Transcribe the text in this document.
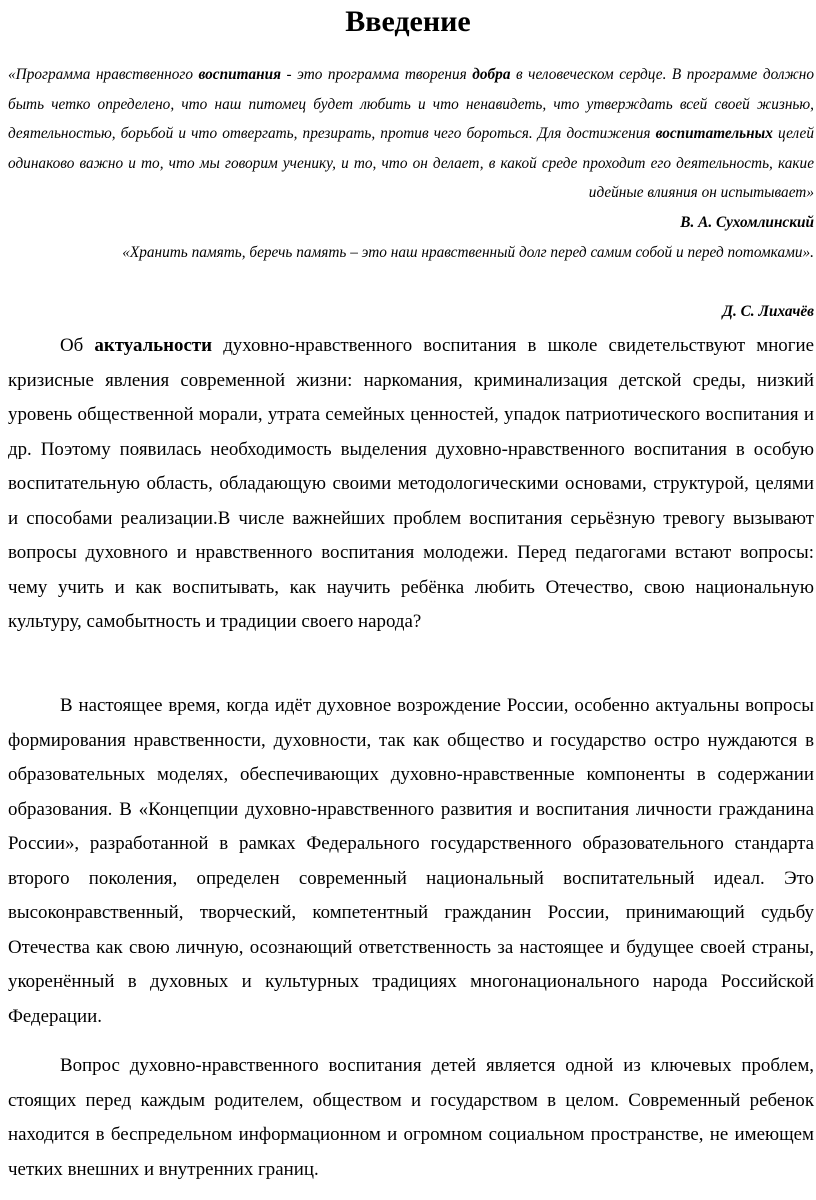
Введение

«Программа нравственного воспитания - это программа творения добра в человеческом сердце. В программе должно быть четко определено, что наш питомец будет любить и что ненавидеть, что утверждать всей своей жизнью, деятельностью, борьбой и что отвергать, презирать, против чего бороться. Для достижения воспитательных целей одинаково важно и то, что мы говорим ученику, и то, что он делает, в какой среде проходит его деятельность, какие идейные влияния он испытывает»

В. А. Сухомлинский

«Хранить память, беречь память – это наш нравственный долг перед самим собой и перед потомками».

Д. С. Лихачёв

Об актуальности духовно-нравственного воспитания в школе свидетельствуют многие кризисные явления современной жизни: наркомания, криминализация детской среды, низкий уровень общественной морали, утрата семейных ценностей, упадок патриотического воспитания и др. Поэтому появилась необходимость выделения духовно-нравственного воспитания в особую воспитательную область, обладающую своими методологическими основами, структурой, целями и способами реализации.В числе важнейших проблем воспитания серьёзную тревогу вызывают вопросы духовного и нравственного воспитания молодежи. Перед педагогами встают вопросы: чему учить и как воспитывать, как научить ребёнка любить Отечество, свою национальную культуру, самобытность и традиции своего народа?

В настоящее время, когда идёт духовное возрождение России, особенно актуальны вопросы формирования нравственности, духовности, так как общество и государство остро нуждаются в образовательных моделях, обеспечивающих духовно-нравственные компоненты в содержании образования. В «Концепции духовно-нравственного развития и воспитания личности гражданина России», разработанной в рамках Федерального государственного образовательного стандарта второго поколения, определен современный национальный воспитательный идеал. Это высоконравственный, творческий, компетентный гражданин России, принимающий судьбу Отечества как свою личную, осознающий ответственность за настоящее и будущее своей страны, укоренённый в духовных и культурных традициях многонационального народа Российской Федерации.

Вопрос духовно-нравственного воспитания детей является одной из ключевых проблем, стоящих перед каждым родителем, обществом и государством в целом. Современный ребенок находится в беспредельном информационном и огромном социальном пространстве, не имеющем четких внешних и внутренних границ.
